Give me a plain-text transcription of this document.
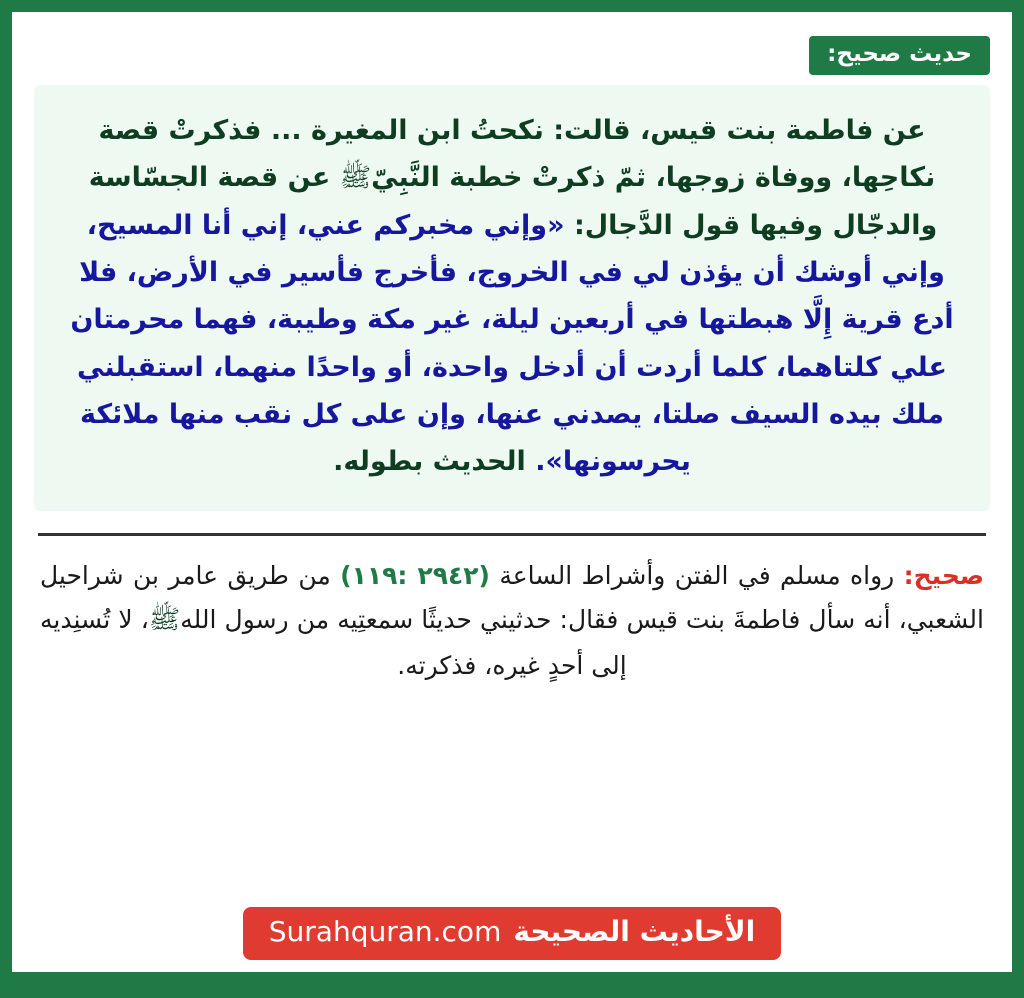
حديث صحيح:

عن فاطمة بنت قيس، قالت: نكحتُ ابن المغيرة ... فذكرتْ قصة نكاحِها، ووفاة زوجها، ثمّ ذكرتْ خطبة النَّبِيّﷺ عن قصة الجسّاسة والدجّال وفيها قول الدَّجال: «وإني مخبركم عني، إني أنا المسيح، وإني أوشك أن يؤذن لي في الخروج، فأخرج فأسير في الأرض، فلا أدع قرية إِلَّا هبطتها في أربعين ليلة، غير مكة وطيبة، فهما محرمتان علي كلتاهما، كلما أردت أن أدخل واحدة، أو واحدًا منهما، استقبلني ملك بيده السيف صلتا، يصدني عنها، وإن على كل نقب منها ملائكة يحرسونها». الحديث بطوله.

صحيح: رواه مسلم في الفتن وأشراط الساعة (٢٩٤٢ :١١٩) من طريق عامر بن شراحيل الشعبي، أنه سأل فاطمةَ بنت قيس فقال: حدثيني حديثًا سمعتِيه من رسول اللهﷺ، لا تُسنِديه إلى أحدٍ غيره، فذكرته.

الأحاديث الصحيحة
Surahquran.com
